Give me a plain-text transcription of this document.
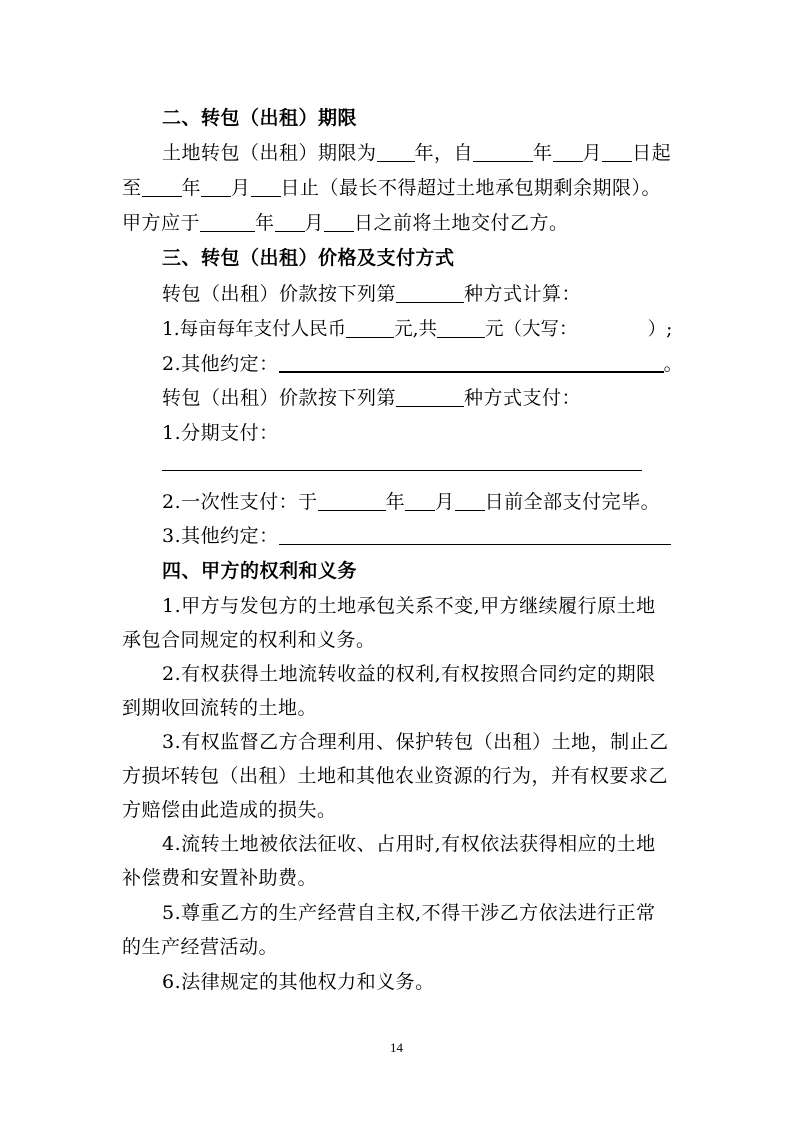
二、转包（出租）期限
土地转包（出租）期限为 年，自	年 月 日起
至 年 月 日止（最长不得超过土地承包期剩余期限）。
甲方应于	年 月 日之前将土地交付乙方。
三、转包（出租）价格及支付方式
转包（出租）价款按下列第	种方式计算：
1.每亩每年支付人民币	元,共	元（大写：	）;
2.其他约定：	。
转包（出租）价款按下列第	种方式支付：
1.分期支付：
2.一次性支付：于	年 月 日前全部支付完毕。
3.其他约定：
四、甲方的权利和义务
1.甲方与发包方的土地承包关系不变,甲方继续履行原土地
承包合同规定的权利和义务。
2.有权获得土地流转收益的权利,有权按照合同约定的期限
到期收回流转的土地。
3.有权监督乙方合理利用、保护转包（出租）土地，制止乙
方损坏转包（出租）土地和其他农业资源的行为，并有权要求乙
方赔偿由此造成的损失。
4.流转土地被依法征收、占用时,有权依法获得相应的土地
补偿费和安置补助费。
5.尊重乙方的生产经营自主权,不得干涉乙方依法进行正常
的生产经营活动。
6.法律规定的其他权力和义务。
14
